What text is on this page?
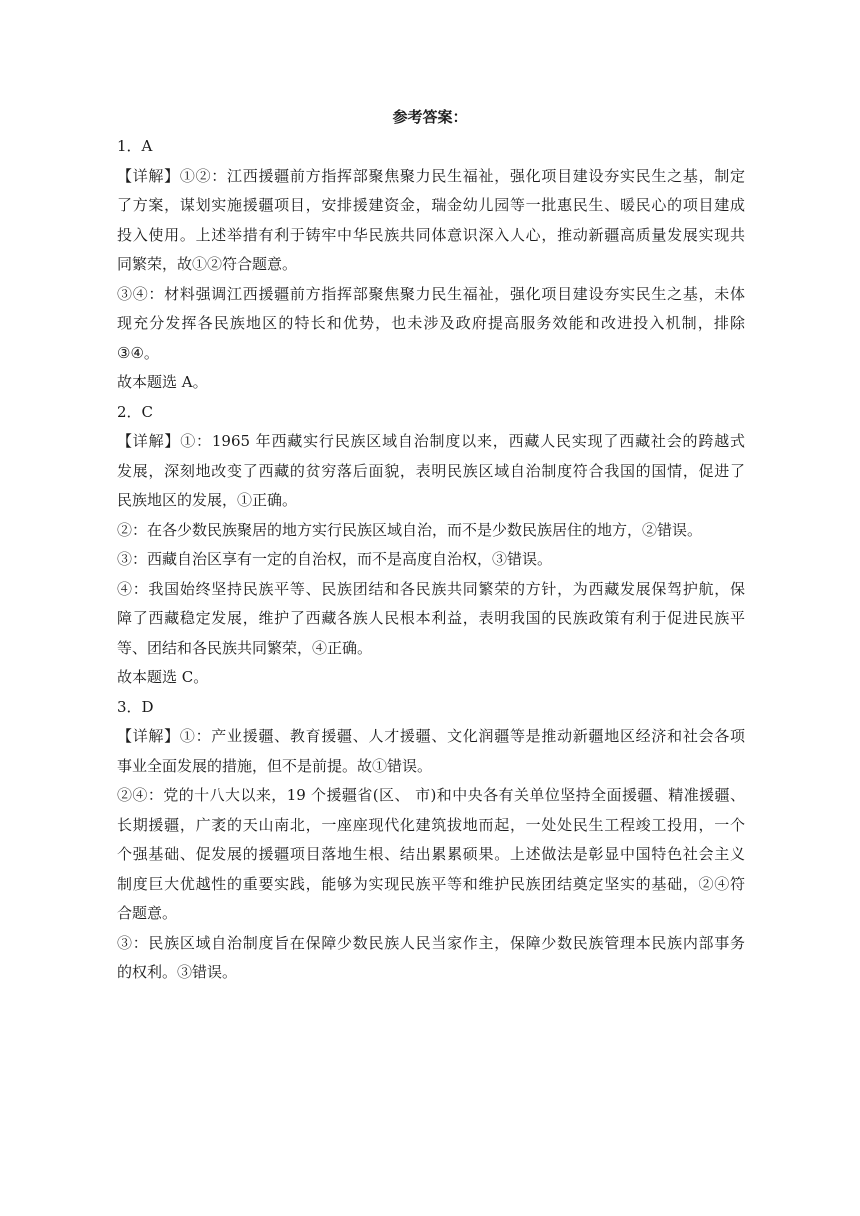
参考答案：
1．A
【详解】①②：江西援疆前方指挥部聚焦聚力民生福祉，强化项目建设夯实民生之基，制定
了方案，谋划实施援疆项目，安排援建资金，瑞金幼儿园等一批惠民生、暖民心的项目建成
投入使用。上述举措有利于铸牢中华民族共同体意识深入人心，推动新疆高质量发展实现共
同繁荣，故①②符合题意。
③④：材料强调江西援疆前方指挥部聚焦聚力民生福祉，强化项目建设夯实民生之基，未体
现充分发挥各民族地区的特长和优势，也未涉及政府提高服务效能和改进投入机制，排除
③④。
故本题选 A。
2．C
【详解】①：1965 年西藏实行民族区域自治制度以来，西藏人民实现了西藏社会的跨越式
发展，深刻地改变了西藏的贫穷落后面貌，表明民族区域自治制度符合我国的国情，促进了
民族地区的发展，①正确。
②：在各少数民族聚居的地方实行民族区域自治，而不是少数民族居住的地方，②错误。
③：西藏自治区享有一定的自治权，而不是高度自治权，③错误。
④：我国始终坚持民族平等、民族团结和各民族共同繁荣的方针，为西藏发展保驾护航，保
障了西藏稳定发展，维护了西藏各族人民根本利益，表明我国的民族政策有利于促进民族平
等、团结和各民族共同繁荣，④正确。
故本题选 C。
3．D
【详解】①：产业援疆、教育援疆、人才援疆、文化润疆等是推动新疆地区经济和社会各项
事业全面发展的措施，但不是前提。故①错误。
②④：党的十八大以来，19 个援疆省(区、 市)和中央各有关单位坚持全面援疆、精准援疆、
长期援疆，广袤的天山南北，一座座现代化建筑拔地而起，一处处民生工程竣工投用，一个
个强基础、促发展的援疆项目落地生根、结出累累硕果。上述做法是彰显中国特色社会主义
制度巨大优越性的重要实践，能够为实现民族平等和维护民族团结奠定坚实的基础，②④符
合题意。
③：民族区域自治制度旨在保障少数民族人民当家作主，保障少数民族管理本民族内部事务
的权利。③错误。
